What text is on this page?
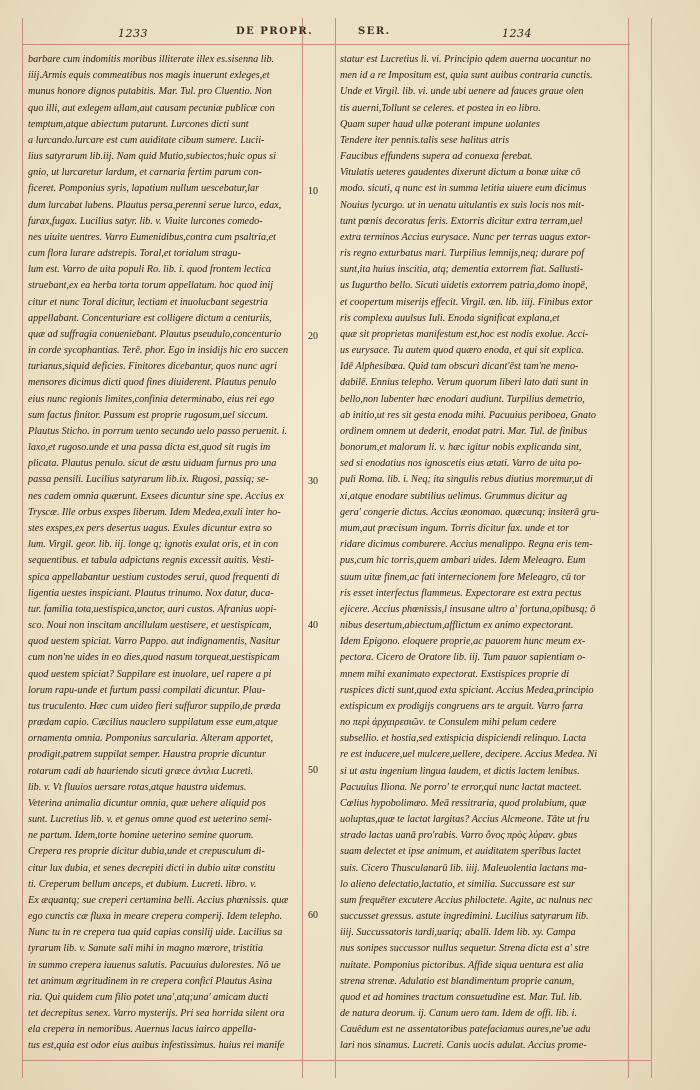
1233	DE PROPR.	SER.	1234
10
20
30
40
50
60
barbare cum indomitis moribus illiterate illex es.sisenna lib.
iiij.Armis equis commeatibus nos magis inuerunt exleges,et
munus honore dignos putabitis. Mar. Tul. pro Cluentio. Non
quo illi, aut exlegem ullam,aut causam pecuniæ publicæ con
temptum,atque abiectum putarunt. Lurcones dicti sunt
a lurcando.lurcare est cum auiditate cibum sumere. Lucii-
lius satyrarum lib.iij. Nam quid Mutio,subiectos;huic opus si
gnio, ut lurcaretur lardum, et carnaria fertim parum con-
ficeret. Pomponius syris, lapatium nullum uescebatur,lar
dum lurcabat lubens. Plautus persa,perenni serue lurco, edax,
furax,fugax. Lucilius satyr. lib. v. Viuite lurcones comedo-
nes uiuite uentres. Varro Eumenidibus,contra cum psaltria,et
cum flora lurare adstrepis. Toral,et torialum stragu-
lum est. Varro de uita populi Ro. lib. i. quod frontem lectica
struebant,ex ea herba torta torum appellatum. hoc quod inij
citur et nunc Toral dicitur, lectiam et inuolucbant segestria
appellabant. Concenturiare est colligere dictum a centuriis,
quæ ad suffragia conueniebant. Plautus pseudulo,concenturio
in corde sycophantias. Terē. phor. Ego in insidijs hic ero succen
turianus,siquid deficies. Finitores dicebantur, quos nunc agri
mensores dicimus dicti quod fines diuiderent. Plautus penulo
eius nunc regionis limites,confinia determinabo, eius rei ego
sum factus finitor. Passum est proprie rugosum,uel siccum.
Plautus Sticho. in porrum uento secundo uelo passo peruenit. i.
laxo,et rugoso.unde et una passa dicta est,quod sit rugis im
plicata. Plautus penulo. sicut de æstu uiduam furnus pro una
passa pensili. Lucilius satyrarum lib.ix. Rugosi, passiq; se-
nes cadem omnia quærunt. Exsees dicuntur sine spe. Accius ex
Tryscæ. Ille orbus exspes liberum. Idem Medea,exuli inter ho-
stes exspes,ex pers desertus uagus. Exules dicuntur extra so
lum. Virgil. geor. lib. iij. longe q; ignotis exulat oris, et in con
sequentibus. et tabula adpictans regnis excessit auitis. Vesti-
spica appellabantur uestium custodes serui, quod frequenti di
ligentia uestes inspiciant. Plautus trinumo. Nox datur, duca-
tur. familia tota,uestispica,unctor, auri custos. Afranius uopi-
sco. Noui non inscitam ancillulam uestisere, et uestispicam,
quod uestem spiciat. Varro Pappo. aut indignamentis, Nasitur
cum non'ne uides in eo dies,quod nasum torqueat,uestispicam
quod uestem spiciat? Suppilare est inuolare, uel rapere a pi
lorum rapu-unde et furtum passi compilati dicuntur. Plau-
tus truculento. Hæc cum uideo fieri suffuror suppilo,de præda
prædam capio. Cæcilius nauclero suppilatum esse eum,atque
ornamenta omnia. Pomponius sarcularia. Alteram apportet,
prodigit,patrem suppilat semper. Haustra proprie dicuntur
rotarum cadi ab hauriendo sicuti græce ἀντλια Lucreti.
lib. v. Vt fluuios uersare rotas,atque haustra uidemus.
Veterina animalia dicuntur omnia, quæ uehere aliquid pos
sunt. Lucretius lib. v. et genus omne quod est ueterino semi-
ne partum. Idem,torte homine ueterino semine quorum.
Crepera res proprie dicitur dubia,unde et crepusculum di-
citur lux dubia, et senes decrepiti dicti in dubio uitæ constitu
ti. Creperum bellum anceps, et dubium. Lucreti. libro. v.
Ex æquantq; sue creperi certamina belli. Accius phœnissis. quæ
ego cunctis cæ fluxa in meare crepera comperij. Idem telepho.
Nunc tu in re crepera tua quid capias consilij uide. Lucilius sa
tyrarum lib. v. Sanute sali mihi in magno mœrore, tristitia
in summo crepera iuuenus salutis. Pacuuius dulorestes. Nô ue
tet animum ægritudinem in re crepera conficî Plautus Asina
ria. Qui quidem cum filio potet una',atq;una' amicam ducti
tet decrepitus senex. Varro mysterijs. Pri sea horrida silent ora
ela crepera in nemoribus. Auernus lacus iairco appella-
tus est,quia est odor eius auibus infestissimus. huius rei manife
statur est Lucretius li. vi. Principio qdem auerna uocantur no
men id a re Impositum est, quia sunt auibus contraria cunctis.
Unde et Virgil. lib. vi. unde ubi uenere ad fauces graue olen
tis auerni,Tollunt se celeres. et postea in eo libro.
Quam super haud ullæ poterant impune uolantes
Tendere iter pennis.talis sese halitus atris
Faucibus effundens supera ad conuexa ferebat.
Vitulatis ueteres gaudentes dixerunt dictum a bonæ uitæ cō
modo. sicuti, q nunc est in summa letitia uiuere eum dicimus
Nouius lycurgo. ut in uenatu uitulantis ex suis locis nos mit-
tunt pœnis decoratus feris. Extorris dicitur extra terram,uel
extra terminos Accius eurysace. Nunc per terras uagus extor-
ris regno exturbatus mari. Turpilius lemnijs,neq; durare pof
sunt,ita huius inscitia, atq; dementia extorrem fiat. Sallusti-
us Iugurtho bello. Sicuti uidetis extorrem patria,domo inopē,
et coopertum miserijs effecit. Virgil. æn. lib. iiij. Finibus extor
ris complexu auulsus Iuli. Enoda significat explana,et
quæ sit proprietas manifestum est,hoc est nodis exolue. Acci-
us eurysace. Tu autem quod quæro enoda, et qui sit explica.
Idē Alphesibœa. Quid tam obscuri dicant'ēst tam'ne meno-
dabilē. Ennius telepho. Verum quorum liberi lato dati sunt in
bello,non lubenter hæc enodari audiunt. Turpilius demetrio,
ab initio,ut res sit gesta enoda mihi. Pacuuius periboea, Gnato
ordinem omnem ut dederit, enodat patri. Mar. Tul. de finibus
bonorum,et malorum li. v. hæc igitur nobis explicanda sint,
sed si enodatius nos ignoscetis eius ætati. Varro de uita po-
puli Roma. lib. i. Neq; ita singulis rebus diutius moremur,ut di
xi,atque enodare subtilius uelimus. Grummus dicitur ag
gera' congerie dictus. Accius æonomao. quæcunq; insiterā gru-
mum,aut præcisum ingum. Torris dicitur fax. unde et tor
ridare dicimus comburere. Accius menalippo. Regna eris tem-
pus,cum hic torris,quem ambari uides. Idem Meleagro. Eum
suum uitæ finem,ac fati internecionem fore Meleagro, cū tor
ris esset interfectus flammeus. Expectorare est extra pectus
ejicere. Accius phœnissis,l insusane ultro a' fortuna,opibusq; ō
nibus desertum,abiectum,afflictum ex animo expectorant.
Idem Epigono. eloquere proprie,ac pauorem hunc meum ex-
pectora. Cicero de Oratore lib. iij. Tum pauor sapientiam o-
mnem mihi exanimato expectorat. Exstispices proprie di
ruspices dicti sunt,quod exta spiciant. Accius Medea,principio
extispicum ex prodigijs congruens ars te arguit. Varro farra
no περὶ ἀρχαιρεσιῶν. te Consulem mihi pelum cedere
subsellio. et hostia,sed extispicia dispiciendi relinquo. Lacta
re est inducere,uel mulcere,uellere, decipere. Accius Medea. Ni
si ut astu ingenium lingua laudem, et dictis lactem lenibus.
Pacuuius Iliona. Ne porro' te error,qui nunc lactat macteet.
Cœlius hypobolimæo. Meā ressitraria, quod prolubium, quæ
uoluptas,quæ te lactat largitas? Accius Alcmeone. Tāte ut fru
strado lactas uanā pro'rabis. Varro ὄνος πρὸς λύραν. gbus
suam delectet et ipse animum, et auiditatem sperībus lactet
suis. Cicero Thusculanarū lib. iiij. Maleuolentia lactans ma-
lo alieno delectatio,lactatio, et similia. Succussare est sur
sum frequēter excutere Accius philoctete. Agite, ac nulnus nec
succusset gressus. astute ingredimini. Lucilius satyrarum lib.
iiij. Succussatoris tardi,uariq; aballi. Idem lib. xy. Campa
nus sonipes succussor nullus sequetur. Strena dicta est a' stre
nuitate. Pomponius pictoribus. Affide siqua uentura est alia
strena strenæ. Adulatio est blandimentum proprie canum,
quod et ad homines tractum consuetudine est. Mar. Tul. lib.
de natura deorum. ij. Canum uero tam. Idem de offi. lib. i.
Cauēdum est ne assentatoribus patefaciamus aures,ne'ue adu
lari nos sinamus. Lucreti. Canis uocis adulat. Accius prome-
